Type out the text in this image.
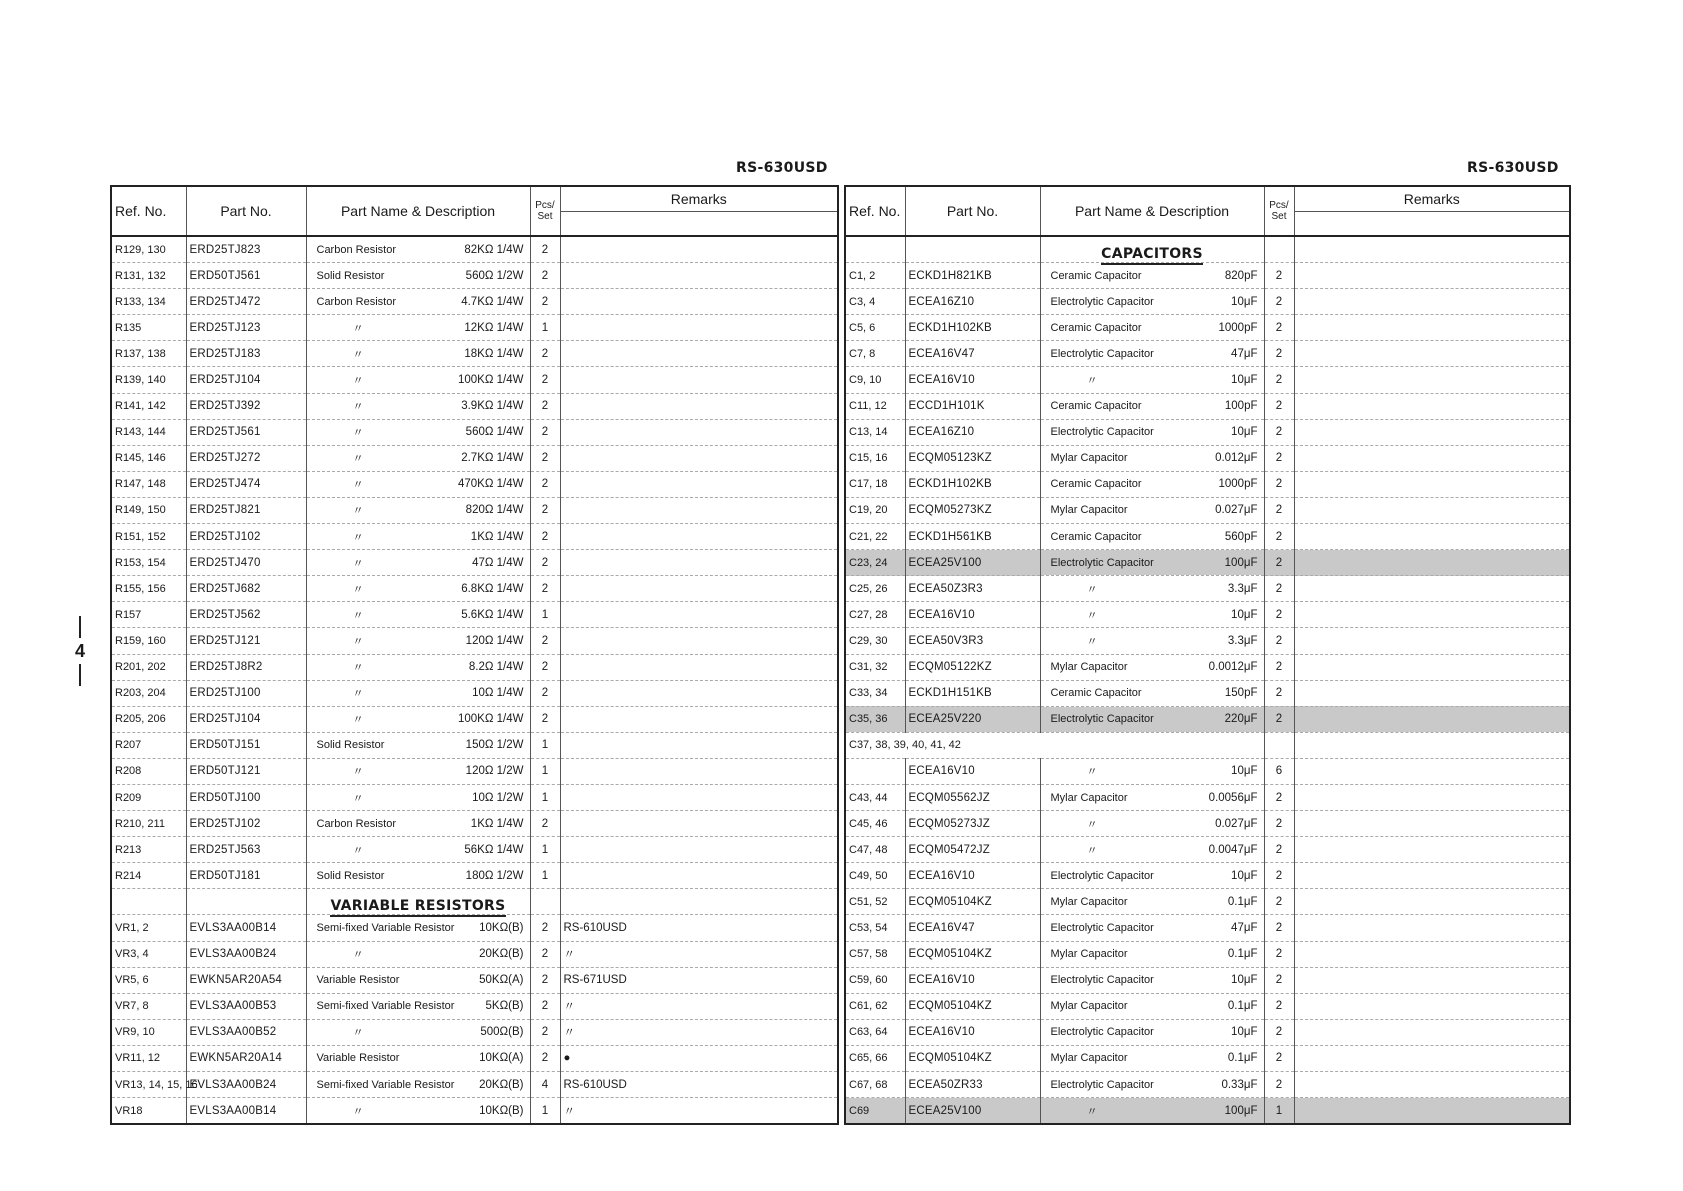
RS-630USD	RS-630USD
4
Ref. No.	Part No.	Part Name & Description	Pcs/
Set	Remarks

R129, 130	ERD25TJ823	Carbon Resistor 82KΩ 1/4W	2	
R131, 132	ERD50TJ561	Solid Resistor 560Ω 1/2W	2	
R133, 134	ERD25TJ472	Carbon Resistor 4.7KΩ 1/4W	2	
R135	ERD25TJ123	〃 12KΩ 1/4W	1	
R137, 138	ERD25TJ183	〃 18KΩ 1/4W	2	
R139, 140	ERD25TJ104	〃 100KΩ 1/4W	2	
R141, 142	ERD25TJ392	〃 3.9KΩ 1/4W	2	
R143, 144	ERD25TJ561	〃 560Ω 1/4W	2	
R145, 146	ERD25TJ272	〃 2.7KΩ 1/4W	2	
R147, 148	ERD25TJ474	〃 470KΩ 1/4W	2	
R149, 150	ERD25TJ821	〃 820Ω 1/4W	2	
R151, 152	ERD25TJ102	〃 1KΩ 1/4W	2	
R153, 154	ERD25TJ470	〃 47Ω 1/4W	2	
R155, 156	ERD25TJ682	〃 6.8KΩ 1/4W	2	
R157	ERD25TJ562	〃 5.6KΩ 1/4W	1	
R159, 160	ERD25TJ121	〃 120Ω 1/4W	2	
R201, 202	ERD25TJ8R2	〃 8.2Ω 1/4W	2	
R203, 204	ERD25TJ100	〃 10Ω 1/4W	2	
R205, 206	ERD25TJ104	〃 100KΩ 1/4W	2	
R207	ERD50TJ151	Solid Resistor 150Ω 1/2W	1	
R208	ERD50TJ121	〃 120Ω 1/2W	1	
R209	ERD50TJ100	〃 10Ω 1/2W	1	
R210, 211	ERD25TJ102	Carbon Resistor 1KΩ 1/4W	2	
R213	ERD25TJ563	〃 56KΩ 1/4W	1	
R214	ERD50TJ181	Solid Resistor 180Ω 1/2W	1	
		VARIABLE RESISTORS		
VR1, 2	EVLS3AA00B14	Semi-fixed Variable Resistor 10KΩ(B)	2	RS-610USD
VR3, 4	EVLS3AA00B24	〃 20KΩ(B)	2	〃
VR5, 6	EWKN5AR20A54	Variable Resistor 50KΩ(A)	2	RS-671USD
VR7, 8	EVLS3AA00B53	Semi-fixed Variable Resistor 5KΩ(B)	2	〃
VR9, 10	EVLS3AA00B52	〃 500Ω(B)	2	〃
VR11, 12	EWKN5AR20A14	Variable Resistor 10KΩ(A)	2	●
VR13, 14, 15, 16	EVLS3AA00B24	Semi-fixed Variable Resistor 20KΩ(B)	4	RS-610USD
VR18	EVLS3AA00B14	〃 10KΩ(B)	1	〃
Ref. No.	Part No.	Part Name & Description	Pcs/
Set	Remarks

		CAPACITORS		
C1, 2	ECKD1H821KB	Ceramic Capacitor 820pF	2	
C3, 4	ECEA16Z10	Electrolytic Capacitor 10μF	2	
C5, 6	ECKD1H102KB	Ceramic Capacitor 1000pF	2	
C7, 8	ECEA16V47	Electrolytic Capacitor 47μF	2	
C9, 10	ECEA16V10	〃 10μF	2	
C11, 12	ECCD1H101K	Ceramic Capacitor 100pF	2	
C13, 14	ECEA16Z10	Electrolytic Capacitor 10μF	2	
C15, 16	ECQM05123KZ	Mylar Capacitor 0.012μF	2	
C17, 18	ECKD1H102KB	Ceramic Capacitor 1000pF	2	
C19, 20	ECQM05273KZ	Mylar Capacitor 0.027μF	2	
C21, 22	ECKD1H561KB	Ceramic Capacitor 560pF	2	
C23, 24	ECEA25V100	Electrolytic Capacitor 100μF	2	
C25, 26	ECEA50Z3R3	〃 3.3μF	2	
C27, 28	ECEA16V10	〃 10μF	2	
C29, 30	ECEA50V3R3	〃 3.3μF	2	
C31, 32	ECQM05122KZ	Mylar Capacitor 0.0012μF	2	
C33, 34	ECKD1H151KB	Ceramic Capacitor 150pF	2	
C35, 36	ECEA25V220	Electrolytic Capacitor 220μF	2	
C37, 38, 39, 40, 41, 42				
	ECEA16V10	〃 10μF	6	
C43, 44	ECQM05562JZ	Mylar Capacitor 0.0056μF	2	
C45, 46	ECQM05273JZ	〃 0.027μF	2	
C47, 48	ECQM05472JZ	〃 0.0047μF	2	
C49, 50	ECEA16V10	Electrolytic Capacitor 10μF	2	
C51, 52	ECQM05104KZ	Mylar Capacitor 0.1μF	2	
C53, 54	ECEA16V47	Electrolytic Capacitor 47μF	2	
C57, 58	ECQM05104KZ	Mylar Capacitor 0.1μF	2	
C59, 60	ECEA16V10	Electrolytic Capacitor 10μF	2	
C61, 62	ECQM05104KZ	Mylar Capacitor 0.1μF	2	
C63, 64	ECEA16V10	Electrolytic Capacitor 10μF	2	
C65, 66	ECQM05104KZ	Mylar Capacitor 0.1μF	2	
C67, 68	ECEA50ZR33	Electrolytic Capacitor 0.33μF	2	
C69	ECEA25V100	〃 100μF	1	
